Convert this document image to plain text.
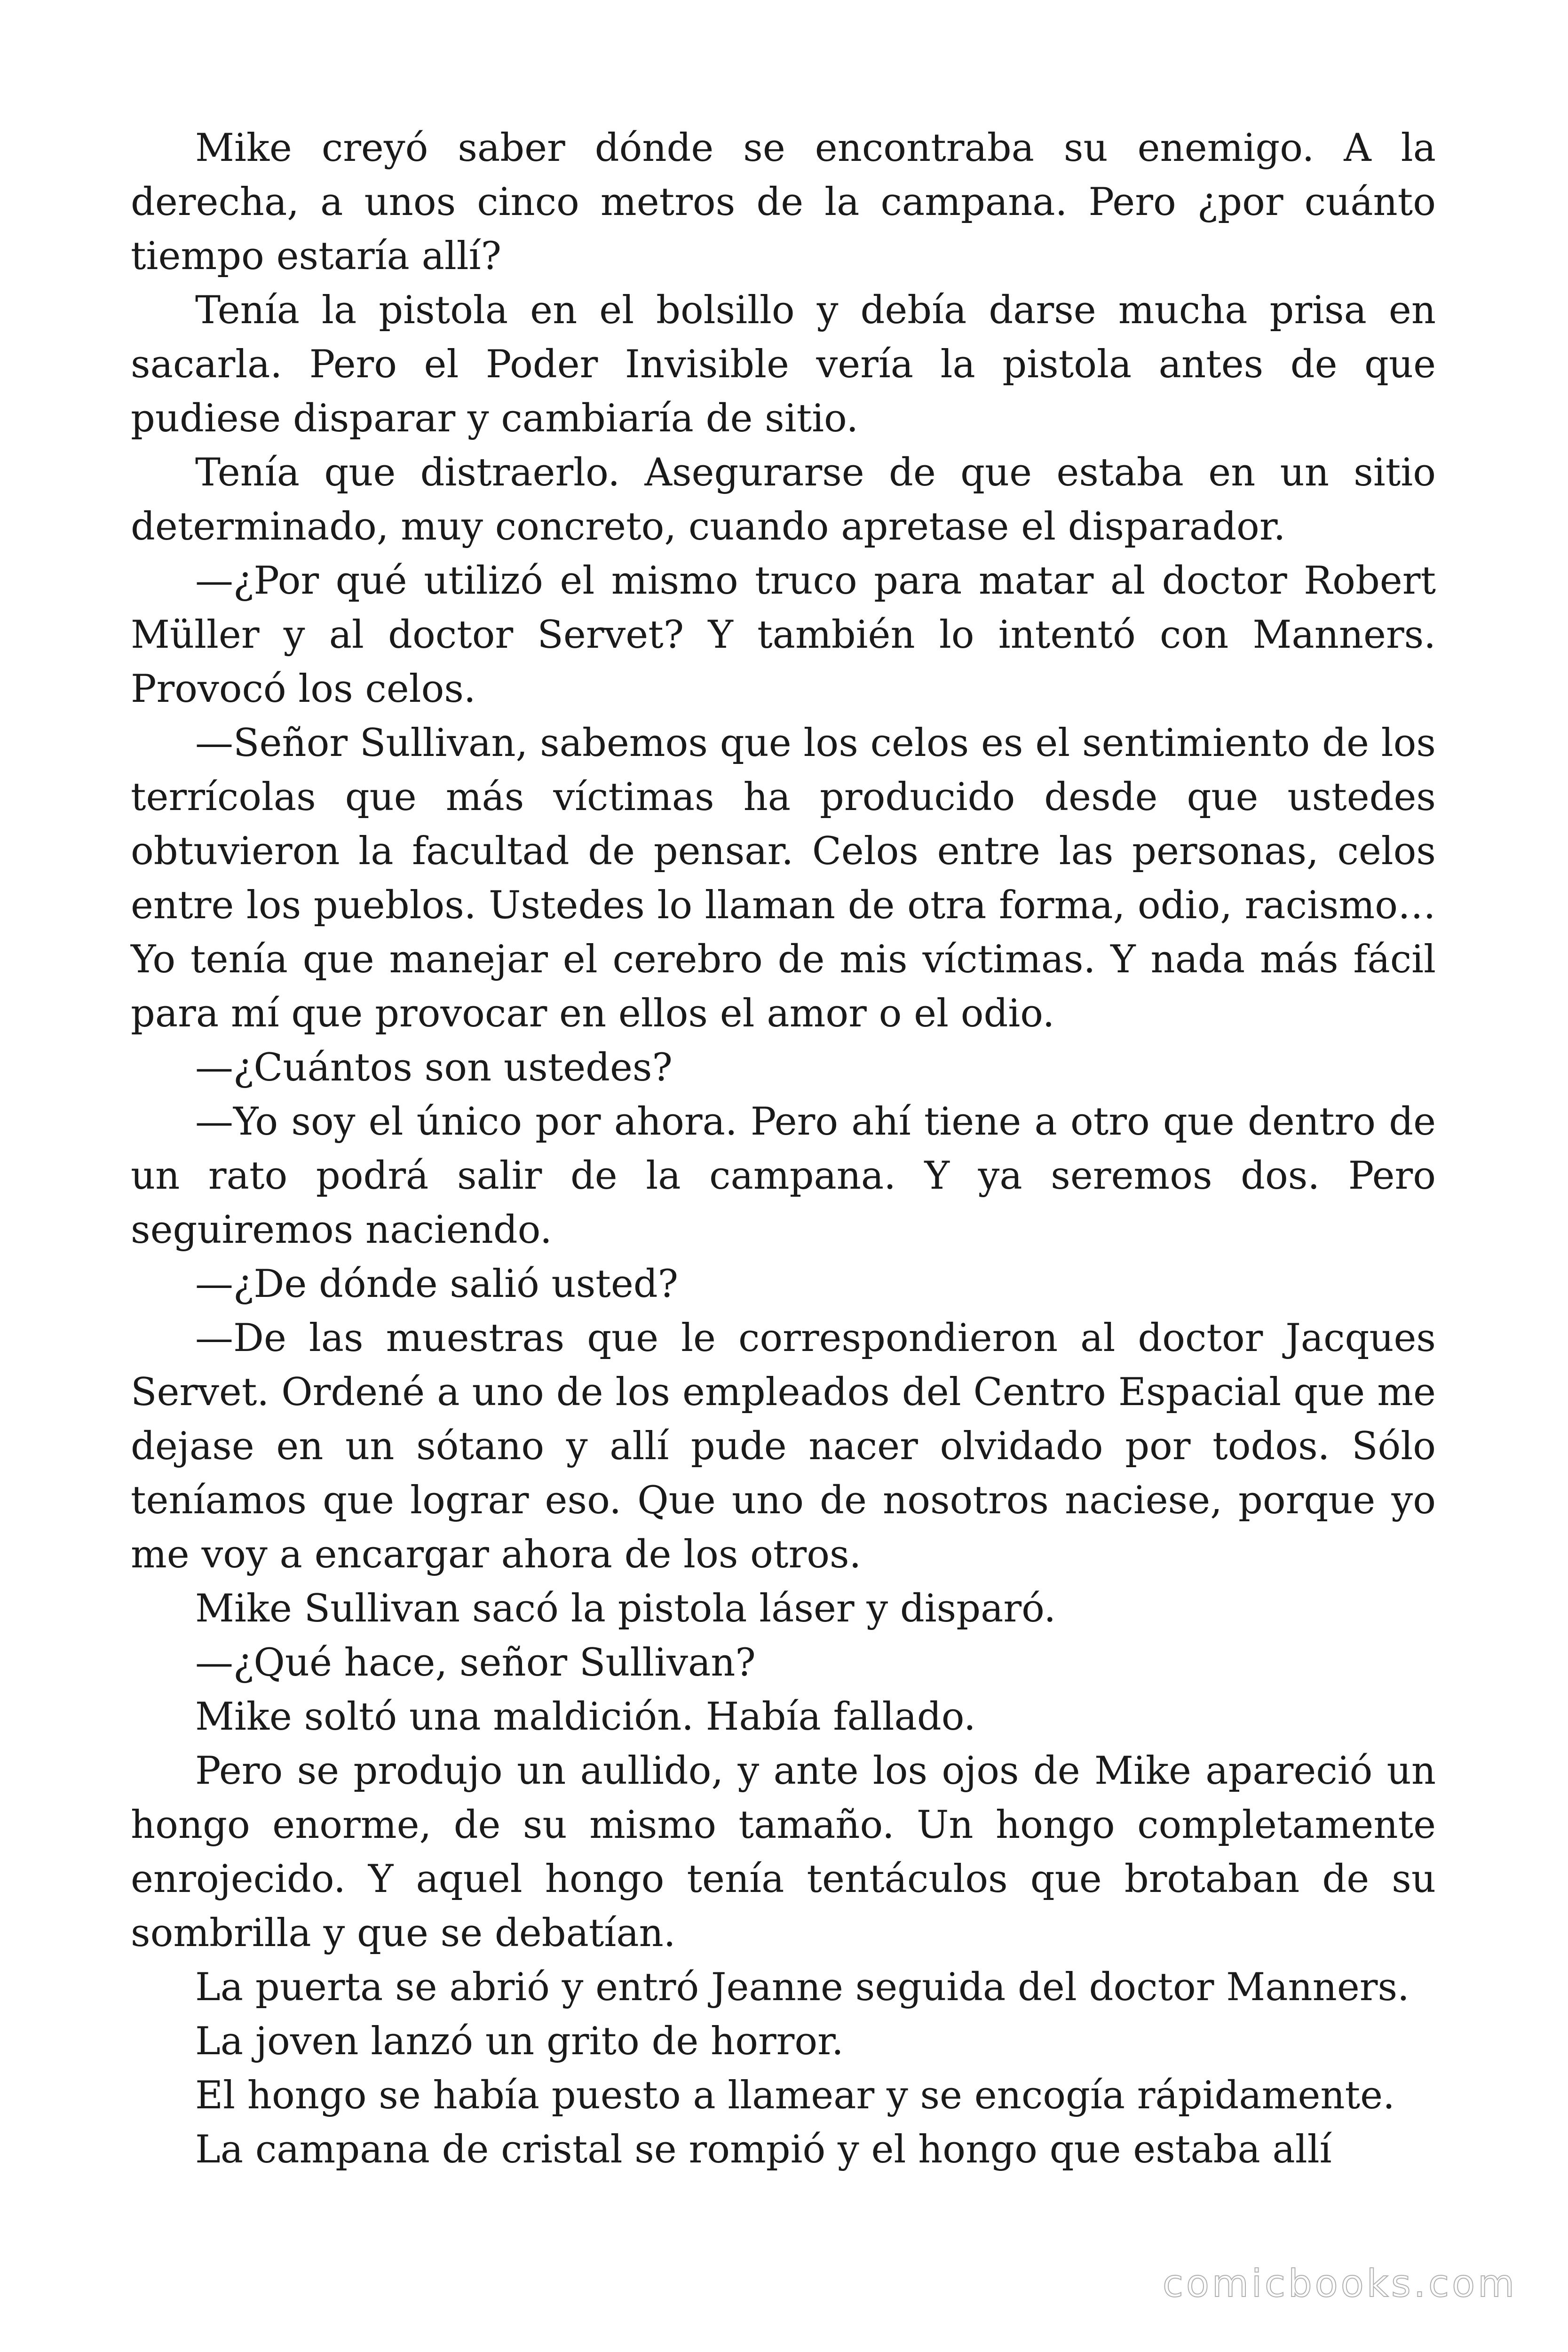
Mike creyó saber dónde se encontraba su enemigo. A la derecha, a unos cinco metros de la campana. Pero ¿por cuánto tiempo estaría allí?

Tenía la pistola en el bolsillo y debía darse mucha prisa en sacarla. Pero el Poder Invisible vería la pistola antes de que pudiese disparar y cambiaría de sitio.

Tenía que distraerlo. Asegurarse de que estaba en un sitio determinado, muy concreto, cuando apretase el disparador.

—¿Por qué utilizó el mismo truco para matar al doctor Robert Müller y al doctor Servet? Y también lo intentó con Manners. Provocó los celos.

—Señor Sullivan, sabemos que los celos es el sentimiento de los terrícolas que más víctimas ha producido desde que ustedes obtuvieron la facultad de pensar. Celos entre las personas, celos entre los pueblos. Ustedes lo llaman de otra forma, odio, racismo… Yo tenía que manejar el cerebro de mis víctimas. Y nada más fácil para mí que provocar en ellos el amor o el odio.

—¿Cuántos son ustedes?

—Yo soy el único por ahora. Pero ahí tiene a otro que dentro de un rato podrá salir de la campana. Y ya seremos dos. Pero seguiremos naciendo.

—¿De dónde salió usted?

—De las muestras que le correspondieron al doctor Jacques Servet. Ordené a uno de los empleados del Centro Espacial que me dejase en un sótano y allí pude nacer olvidado por todos. Sólo teníamos que lograr eso. Que uno de nosotros naciese, porque yo me voy a encargar ahora de los otros.

Mike Sullivan sacó la pistola láser y disparó.

—¿Qué hace, señor Sullivan?

Mike soltó una maldición. Había fallado.

Pero se produjo un aullido, y ante los ojos de Mike apareció un hongo enorme, de su mismo tamaño. Un hongo completamente enrojecido. Y aquel hongo tenía tentáculos que brotaban de su sombrilla y que se debatían.

La puerta se abrió y entró Jeanne seguida del doctor Manners.

La joven lanzó un grito de horror.

El hongo se había puesto a llamear y se encogía rápidamente.

La campana de cristal se rompió y el hongo que estaba allí

comicbooks.com
